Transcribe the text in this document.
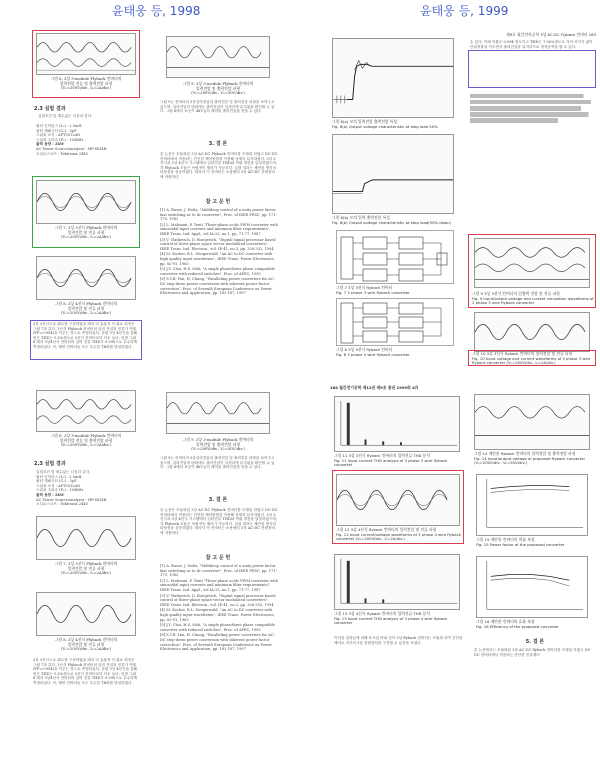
윤태웅 등, 1998	윤태웅 등, 1999
그림 6. 3상 3-module Flyback 컨버터의
입력전압 전류 및 출력전압 파형
(V₀=200V/div., I₀=2A/div.)
2.3 실험 결과
실험조건 및 계수값는 다음과 같다.
필터 인덕턴스 (L₀) : 2.5mH,
필터 캐패시터 (C₀) : 5μF
스위치 소자 : APT5012AN
스위치 주파수 (F₂) : 100kHz
출력 용량 : 2kW
AC Power Source/analyzer : HP-6834B
오실로스코프 : Tektronix 2440
그림 7. 3상 3선식 Flyback 컨버터의
입력전압 및 전류 파형
(V₀=200V/div., I₀=2A/div.)
그림 8. 3상 4선식 Flyback 컨버터의
입력전압 및 전류 파형
(V₀=200V/div., I₀=2A/div.)
3상 3선식으로 회로를 구성하였을 때의 더 효율적 인 회로 최적은 그림 7과 같다. 3선식 Flyback 컨버터의 입력 전압과 전류가 역률(PF=0.994)을 이루는 것으로 측정되었다. 한편 3상 4선식을 통해 얻은 THD는 5.5%정도로 3선식 컨버터보다 다소 높다. 한편 그림 8 에서 3상4선식 컨버터의 입력 전류 THD가 0.990으로 우수하게 측정되었다. 즉, 제안 컨버터들 모두 우수한 THD를 달성하였다.
그림 9. 3상 3-module Flyback 컨버터의
입력전압 및 출력전압 파형
(V₀=200V/div., V₀=50V/div.)
그림 9는 컨버터의 3상입력전압과 출력전압 및 출력전류 파형을 보여주고 있으며, 입력전압의 변화에도 출력전압이 일정하게 유지됨을 확인할 수 있다. 그림 6에서 보듯이 48V급의 제어된 출력전압을 얻을 수 있다.
3. 결 론
본 논문은 모듈화된 3상 AC-DC Flyback 컨버터를 모델링 하였고 DC-DC 컨버터에서 적용되는 간단한 제어방법을 이용해 상세히 분석하였다. 3상 3선식과 3상 4선식 시스템에서 입력전류 THD와 역률 개선을 달성하였으며, 각 Flyback 모듈은 독립적인 제어가 가능하다. 실험 결과는 제안된 방식의 타당성을 검증하였다. 따라서 이 컨버터는 소용량의 3상 AC-DC 전원장치에 적합하다.
참 고 문 헌

[1] A. Busse, J. Holtz, "Multiloop control of a unity power factor fast switching ac to dc converter", Proc. of IEEE PESC, pp. 171-179, 1982

[2] L. Malesani, P. Tenti "Three-phase ac/dc PWM converter with sinusoidal input currents and minimum filter requirements", IEEE Trans. Ind. Appl., vol.IA-23, no.1, pp. 71-77, 1987

[3] V. Vlatkovich, D. Borojevich, "Digital signal processor based control of three-phase space vector modulated converters", IEEE Trans. Ind. Electron., vol. IE-41, no.3, pp. 326-332, 1994

[4] M. Kocher, R.L. Steigerwald, "An AC to DC converter with high quality input waveforms", IEEE Trans. Power Electronics, pp. 82-91, 1983

[5] J.Y. Choi, H.S. Mok, "A single phase/three phase compatible converter with reduced switches", Proc. of APEC, 1995

[6] S.Y.R. Hui, H. Chung, "Paralleling power converters for AC-DC step-down power conversion with inherent power factor correction", Proc. of Seventh European Conference on Power Electronics and Application, pp. 182-187, 1997

제9호 월간전자공학 3상 AC-DC Flyback 컨버터 163
그림 6(a) 모의 입력전압 출력전압 특성
Fig. 6(a) Output voltage characteristic at step load 50%
그림 6(b) 모의 입력 출력전압 특성
Fig. 6(b) Output voltage characteristic at step load(50% down)
그림 7 3상 3선식 flyback 컨버터
Fig. 7 3 phase 3 wire flyback converter
그림 8 3상 4선식 flyback 컨버터
Fig. 8 3 phase 4 wire flyback converter
수 있다. 이때 역률은 0.994 정도이고 THD는 7.56%정도로 거의 차이가 없이 단위역률을 이루면서 출력전압을 유지하므로 정격동작을 할 수 있다.
그림 9 3상 3선식 컨버터의 입출력 전압 및 전류 파형
Fig. 9 Input/output voltage and current simulation waveforms of 3 phase 3 wire flyback converter
그림 10 3상 3선식 flyback 컨버터의 입력전압 및 전류 파형
Fig. 10 Input voltage and current waveforms of 3 phase 3 wire flyback converter (V₀=200V/div., I₀=2A/div.)
그림 6. 3상 3-module Flyback 컨버터의
입력전압 전류 및 출력전압 파형
(V₀=200V/div., I₀=2A/div.)
2.3 실험 결과
실험조건 및 계수값는 다음과 같다.
필터 인덕턴스 (L₀) : 2.5mH,
필터 캐패시터 (C₀) : 5μF
스위치 소자 : APT5012AN
스위치 주파수 (F₂) : 100kHz
출력 용량 : 2kW
AC Power Source/analyzer : HP-6834B
오실로스코프 : Tektronix 2440
그림 7. 3상 3선식 Flyback 컨버터의
입력전압 및 전류 파형
(V₀=200V/div., I₀=2A/div.)
그림 8. 3상 4선식 Flyback 컨버터의
입력전압 및 전류 파형
(V₀=200V/div., I₀=2A/div.)
3상 3선식으로 회로를 구성하였을 때의 더 효율적 인 회로 최적은 그림 7과 같다. 3선식 Flyback 컨버터의 입력 전압과 전류가 역률(PF=0.994)을 이루는 것으로 측정되었다. 한편 3상 4선식을 통해 얻은 THD는 5.5%정도로 3선식 컨버터보다 다소 높다. 한편 그림 8 에서 3상4선식 컨버터의 입력 전류 THD가 0.990으로 우수하게 측정되었다. 즉, 제안 컨버터들 모두 우수한 THD를 달성하였다.
그림 9. 3상 3-module Flyback 컨버터의
입력전압 및 출력전압 파형
(V₀=200V/div., V₀=50V/div.)
그림 9는 컨버터의 3상입력전압과 출력전압 및 출력전류 파형을 보여주고 있으며, 입력전압의 변화에도 출력전압이 일정하게 유지됨을 확인할 수 있다. 그림 6에서 보듯이 48V급의 제어된 출력전압을 얻을 수 있다.
3. 결 론
본 논문은 모듈화된 3상 AC-DC Flyback 컨버터를 모델링 하였고 DC-DC 컨버터에서 적용되는 간단한 제어방법을 이용해 상세히 분석하였다. 3상 3선식과 3상 4선식 시스템에서 입력전류 THD와 역률 개선을 달성하였으며, 각 Flyback 모듈은 독립적인 제어가 가능하다. 실험 결과는 제안된 방식의 타당성을 검증하였다. 따라서 이 컨버터는 소용량의 3상 AC-DC 전원장치에 적합하다.
참 고 문 헌

[1] A. Busse, J. Holtz, "Multiloop control of a unity power factor fast switching ac to dc converter", Proc. of IEEE PESC, pp. 171-179, 1982

[2] L. Malesani, P. Tenti "Three-phase ac/dc PWM converter with sinusoidal input currents and minimum filter requirements", IEEE Trans. Ind. Appl., vol.IA-23, no.1, pp. 71-77, 1987

[3] V. Vlatkovich, D. Borojevich, "Digital signal processor based control of three-phase space vector modulated converters", IEEE Trans. Ind. Electron., vol. IE-41, no.3, pp. 326-332, 1994

[4] M. Kocher, R.L. Steigerwald, "An AC to DC converter with high quality input waveforms", IEEE Trans. Power Electronics, pp. 82-91, 1983

[5] J.Y. Choi, H.S. Mok, "A single phase/three phase compatible converter with reduced switches", Proc. of APEC, 1995

[6] S.Y.R. Hui, H. Chung, "Paralleling power converters for AC-DC step-down power conversion with inherent power factor correction", Proc. of Seventh European Conference on Power Electronics and Application, pp. 182-187, 1997

164 월간전기공학 제12권 제9호 통권 1999年 4月
그림 11 3상 3선식 flyback 컨버터의 입력전류 THD 분석
Fig. 11 Input current THD analysis of 3 phase 3 wire flyback converter
그림 12 3상 4선식 flyback 컨버터의 입력전압 및 전류 파형
Fig. 12 Input current/voltage waveforms of 3 phase 4 wire flyback converter (V₀=200V/div., I₀=2A/div.)
그림 13 3상 4선식 flyback 컨버터의 입력전류 THD 분석
Fig. 13 Input current THD analysis of 3 phase 4 wire flyback converter
이러한 결과들에 의해 표시된 바와 같이 3상 flyback 컨버터는 모듈화 하여 간단한 제어로 저가의 3상 전원장치를 구현할 수 있음을 보였다.
그림 14 제안한 flyback 컨버터의 입력전압 및 출력전압 파형
Fig. 14 Input/output voltage of proposed flyback converter (V₀=200V/div., V₀=50V/div.)
그림 15 제안한 컨버터의 역률 특성
Fig. 15 Power factor of the proposed converter
그림 16 제안한 컨버터의 효율 특성
Fig. 16 Efficiency of the proposed converter
5. 결 론
본 논문에서는 모듈화된 3상 AC-DC flyback 컨버터를 모델링 하였고 DC-DC 컨버터에서 적용되는 간단한 전류제어
